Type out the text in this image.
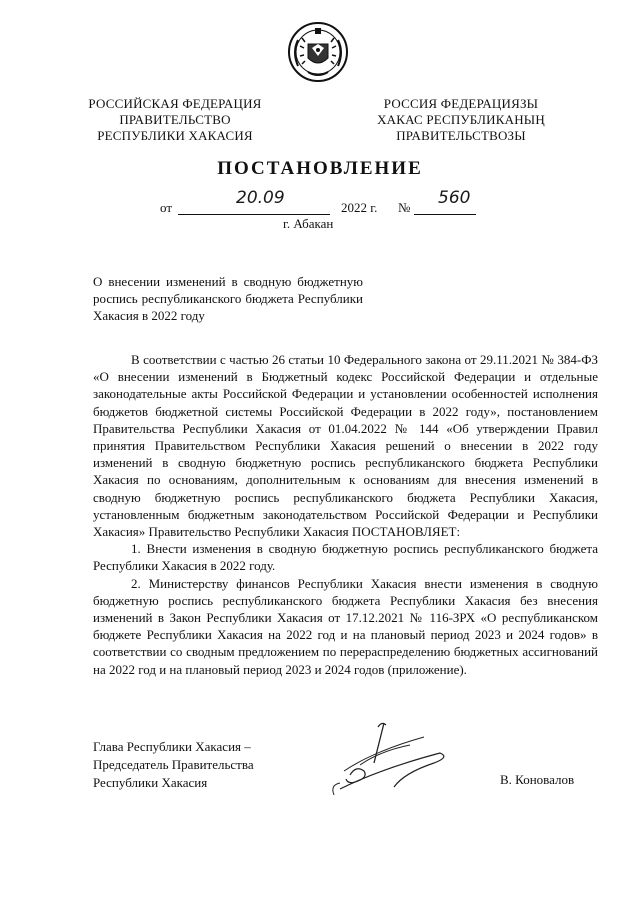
РОССИЙСКАЯ ФЕДЕРАЦИЯ
ПРАВИТЕЛЬСТВО
РЕСПУБЛИКИ ХАКАСИЯ
РОССИЯ ФЕДЕРАЦИЯЗЫ
ХАКАС РЕСПУБЛИКАНЫҢ
ПРАВИТЕЛЬСТВОЗЫ
ПОСТАНОВЛЕНИЕ
от	20.09	2022 г. № 560
г. Абакан
О внесении изменений в сводную бюджетную роспись республиканского бюджета Республики Хакасия в 2022 году

В соответствии с частью 26 статьи 10 Федерального закона от 29.11.2021 № 384-ФЗ «О внесении изменений в Бюджетный кодекс Российской Федерации и отдельные законодательные акты Российской Федерации и установлении особенностей исполнения бюджетов бюджетной системы Российской Федерации в 2022 году», постановлением Правительства Республики Хакасия от 01.04.2022 № 144 «Об утверждении Правил принятия Правительством Республики Хакасия решений о внесении в 2022 году изменений в сводную бюджетную роспись республиканского бюджета Республики Хакасия по основаниям, дополнительным к основаниям для внесения изменений в сводную бюджетную роспись республиканского бюджета Республики Хакасия, установленным бюджетным законодательством Российской Федерации и Республики Хакасия» Правительство Республики Хакасия ПОСТАНОВЛЯЕТ:

1. Внести изменения в сводную бюджетную роспись республиканского бюджета Республики Хакасия в 2022 году.

2. Министерству финансов Республики Хакасия внести изменения в сводную бюджетную роспись республиканского бюджета Республики Хакасия без внесения изменений в Закон Республики Хакасия от 17.12.2021 № 116-ЗРХ «О республиканском бюджете Республики Хакасия на 2022 год и на плановый период 2023 и 2024 годов» в соответствии со сводным предложением по перераспределению бюджетных ассигнований на 2022 год и на плановый период 2023 и 2024 годов (приложение).

Глава Республики Хакасия –
Председатель Правительства
Республики Хакасия	В. Коновалов
